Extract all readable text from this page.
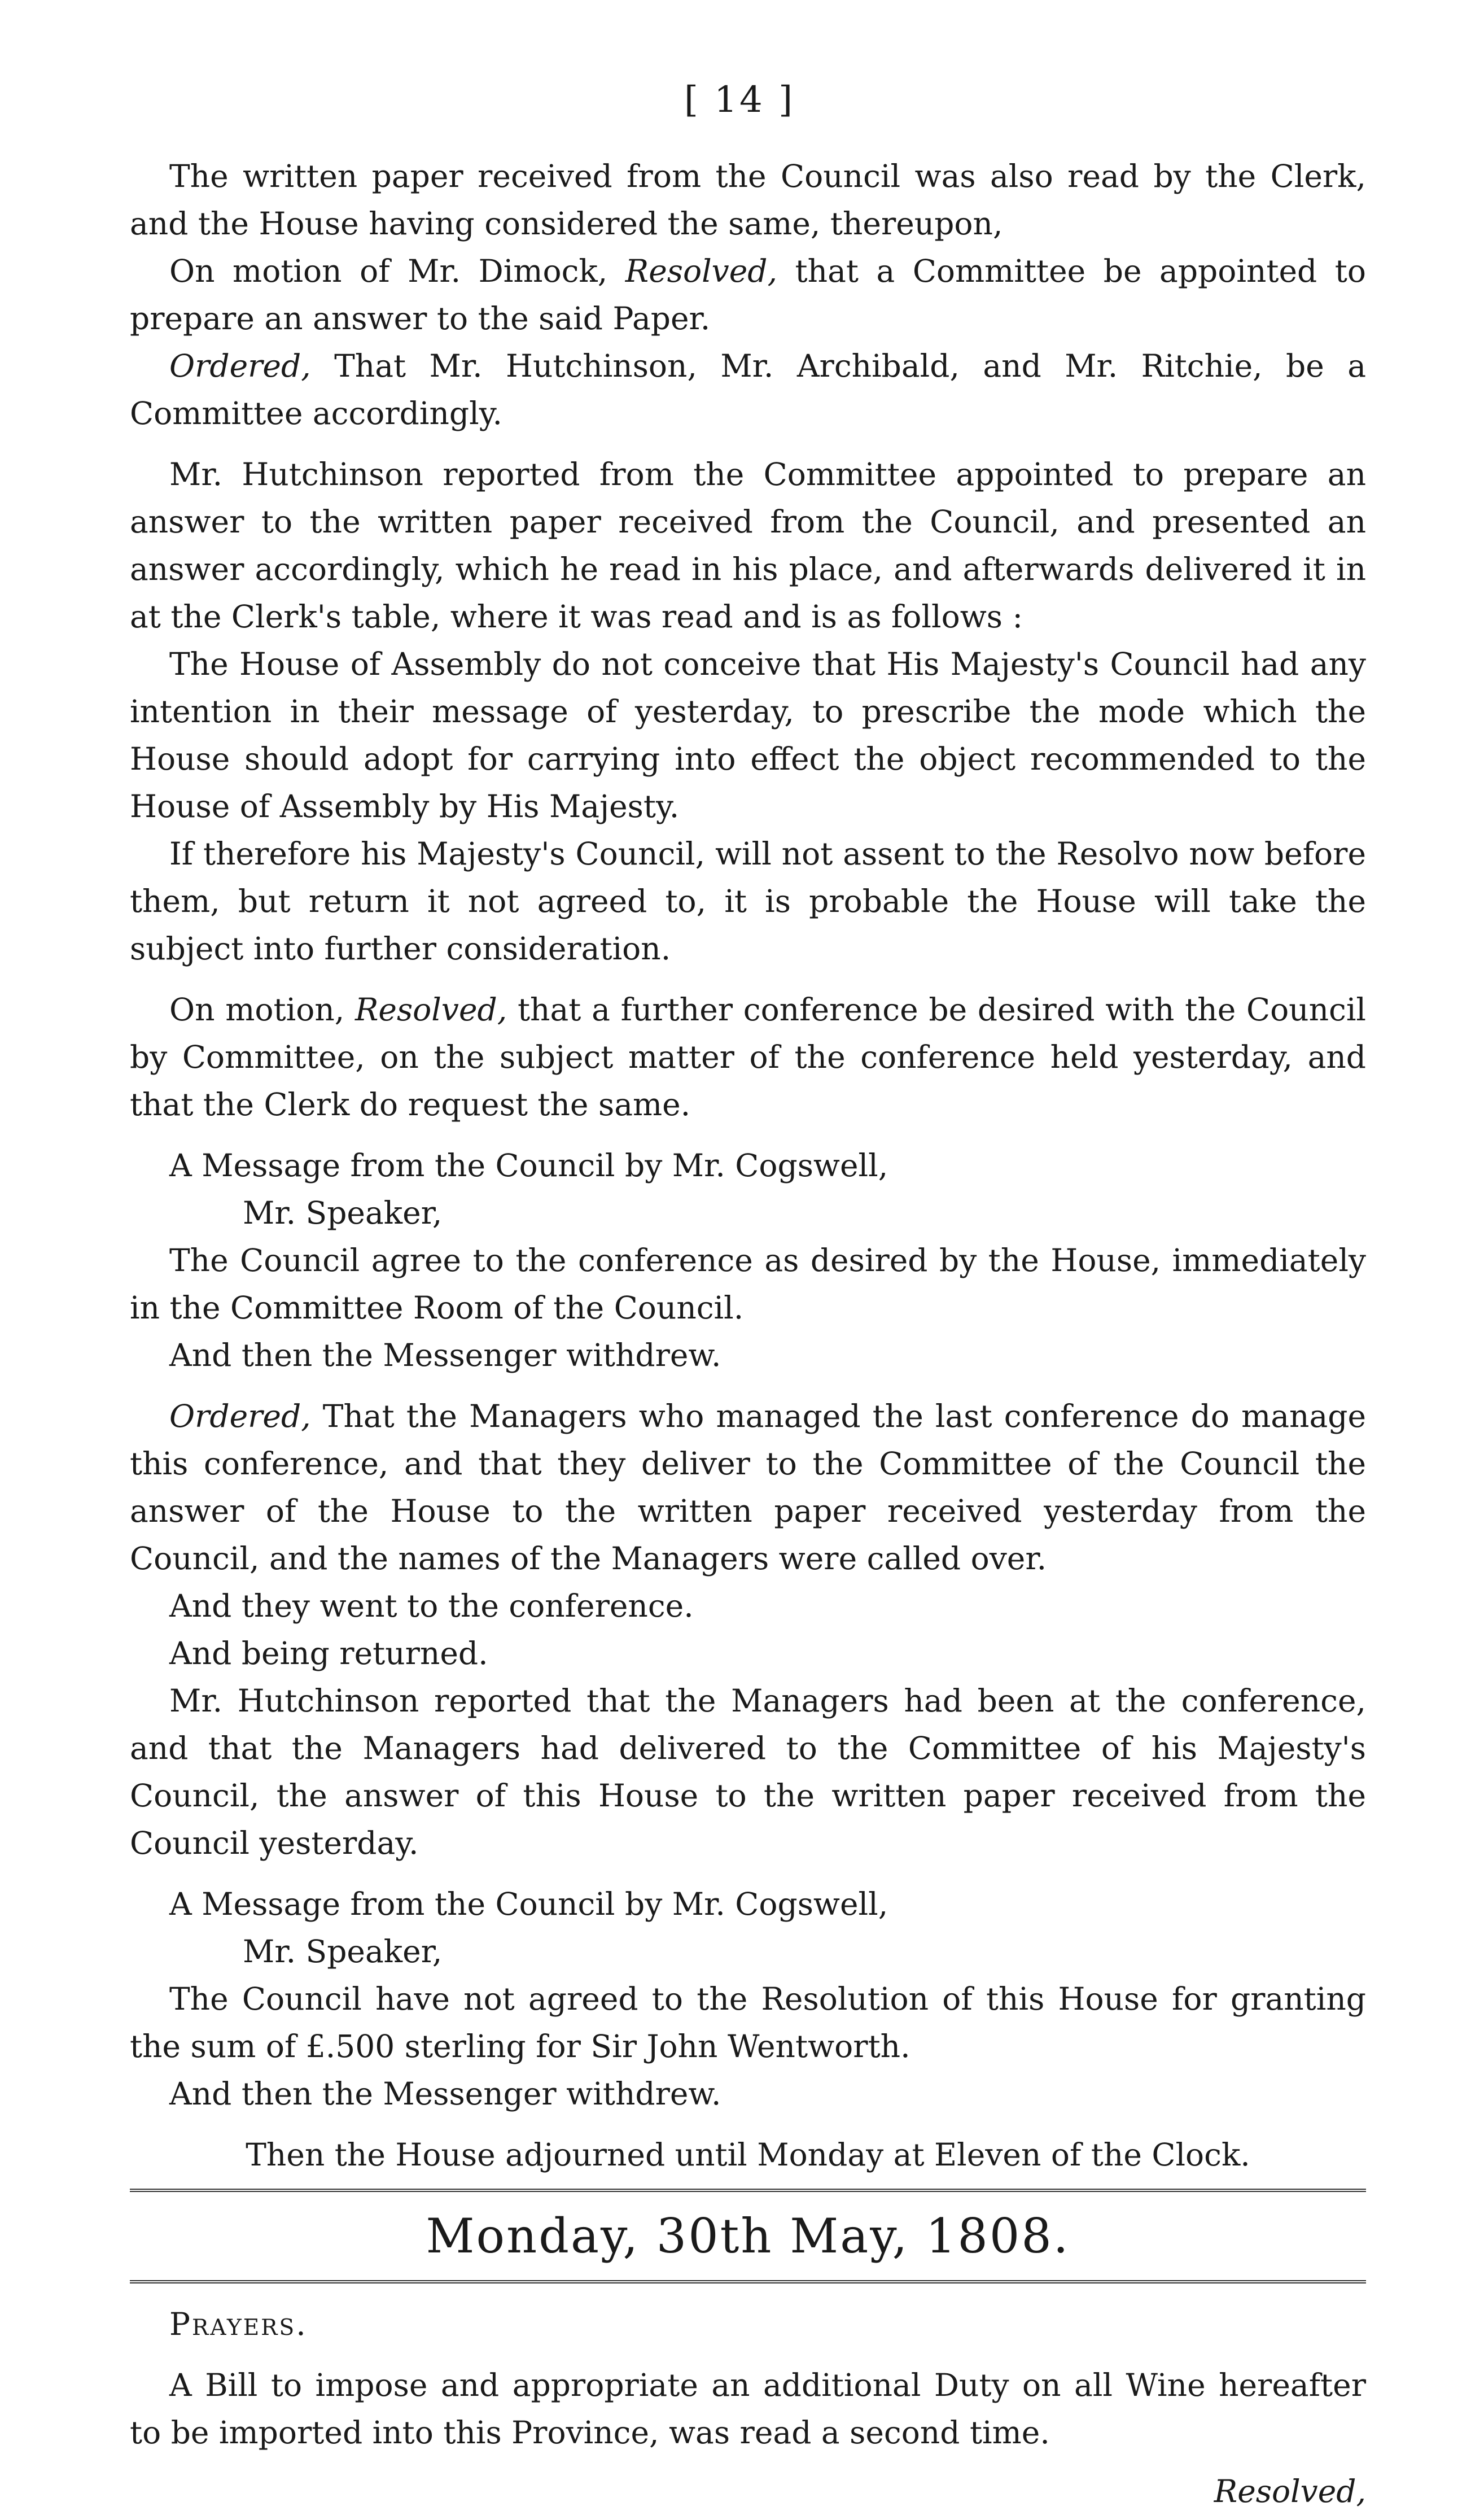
[ 14 ]

The written paper received from the Council was also read by the Clerk, and the House having considered the same, thereupon,

On motion of Mr. Dimock, Resolved, that a Committee be appointed to prepare an answer to the said Paper.

Ordered, That Mr. Hutchinson, Mr. Archibald, and Mr. Ritchie, be a Committee accordingly.

Mr. Hutchinson reported from the Committee appointed to prepare an answer to the written paper received from the Council, and presented an answer accordingly, which he read in his place, and afterwards delivered it in at the Clerk's table, where it was read and is as follows :

The House of Assembly do not conceive that His Majesty's Council had any intention in their message of yesterday, to prescribe the mode which the House should adopt for carrying into effect the object recommended to the House of Assembly by His Majesty.

If therefore his Majesty's Council, will not assent to the Resolvo now before them, but return it not agreed to, it is probable the House will take the subject into further consideration.

On motion, Resolved, that a further conference be desired with the Council by Committee, on the subject matter of the conference held yesterday, and that the Clerk do request the same.

A Message from the Council by Mr. Cogswell,

Mr. Speaker,

The Council agree to the conference as desired by the House, immediately in the Committee Room of the Council.

And then the Messenger withdrew.

Ordered, That the Managers who managed the last conference do manage this conference, and that they deliver to the Committee of the Council the answer of the House to the written paper received yesterday from the Council, and the names of the Managers were called over.

And they went to the conference.

And being returned.

Mr. Hutchinson reported that the Managers had been at the conference, and that the Managers had delivered to the Committee of his Majesty's Council, the answer of this House to the written paper received from the Council yesterday.

A Message from the Council by Mr. Cogswell,

Mr. Speaker,

The Council have not agreed to the Resolution of this House for granting the sum of £.500 sterling for Sir John Wentworth.

And then the Messenger withdrew.

Then the House adjourned until Monday at Eleven of the Clock.

Monday, 30th May, 1808.

Prayers.

A Bill to impose and appropriate an additional Duty on all Wine hereafter to be imported into this Province, was read a second time.

Resolved,
